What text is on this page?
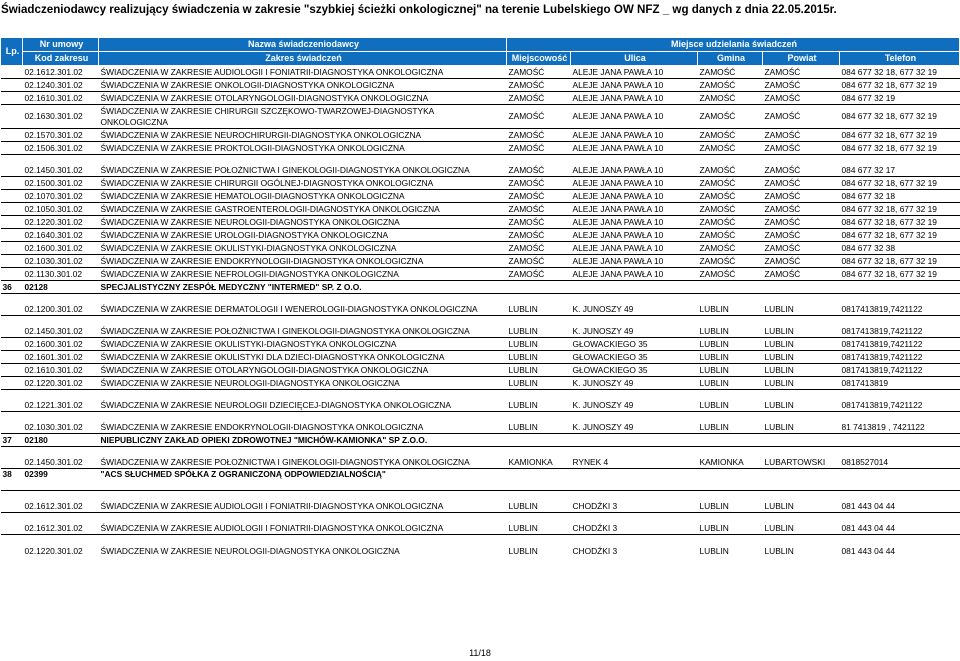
Świadczeniodawcy realizujący świadczenia w zakresie "szybkiej ścieżki onkologicznej" na terenie Lubelskiego OW NFZ _ wg danych z dnia 22.05.2015r.
Lp.	Nr umowy	Nazwa świadczeniodawcy	Miejsce udzielania świadczeń				
	Kod zakresu	Zakres świadczeń	Miejscowość	Ulica	Gmina	Powiat	Telefon
	02.1612.301.02	ŚWIADCZENIA W ZAKRESIE AUDIOLOGII I FONIATRII-DIAGNOSTYKA ONKOLOGICZNA	ZAMOŚĆ	ALEJE JANA PAWŁA 10	ZAMOŚĆ	ZAMOŚĆ	084 677 32 18, 677 32 19
	02.1240.301.02	ŚWIADCZENIA W ZAKRESIE ONKOLOGII-DIAGNOSTYKA ONKOLOGICZNA	ZAMOŚĆ	ALEJE JANA PAWŁA 10	ZAMOŚĆ	ZAMOŚĆ	084 677 32 18, 677 32 19
	02.1610.301.02	ŚWIADCZENIA W ZAKRESIE OTOLARYNGOLOGII-DIAGNOSTYKA ONKOLOGICZNA	ZAMOŚĆ	ALEJE JANA PAWŁA 10	ZAMOŚĆ	ZAMOŚĆ	084 677 32 19
	02.1630.301.02	ŚWIADCZENIA W ZAKRESIE CHIRURGII SZCZĘKOWO-TWARZOWEJ-DIAGNOSTYKA
ONKOLOGICZNA	ZAMOŚĆ	ALEJE JANA PAWŁA 10	ZAMOŚĆ	ZAMOŚĆ	084 677 32 18, 677 32 19
	02.1570.301.02	ŚWIADCZENIA W ZAKRESIE NEUROCHIRURGII-DIAGNOSTYKA ONKOLOGICZNA	ZAMOŚĆ	ALEJE JANA PAWŁA 10	ZAMOŚĆ	ZAMOŚĆ	084 677 32 18, 677 32 19
	02.1506.301.02	ŚWIADCZENIA W ZAKRESIE PROKTOLOGII-DIAGNOSTYKA ONKOLOGICZNA	ZAMOŚĆ	ALEJE JANA PAWŁA 10	ZAMOŚĆ	ZAMOŚĆ	084 677 32 18, 677 32 19
	02.1450.301.02	ŚWIADCZENIA W ZAKRESIE POŁOŻNICTWA I GINEKOLOGII-DIAGNOSTYKA ONKOLOGICZNA	ZAMOŚĆ	ALEJE JANA PAWŁA 10	ZAMOŚĆ	ZAMOŚĆ	084 677 32 17
	02.1500.301.02	ŚWIADCZENIA W ZAKRESIE CHIRURGII OGÓLNEJ-DIAGNOSTYKA ONKOLOGICZNA	ZAMOŚĆ	ALEJE JANA PAWŁA 10	ZAMOŚĆ	ZAMOŚĆ	084 677 32 18, 677 32 19
	02.1070.301.02	ŚWIADCZENIA W ZAKRESIE HEMATOLOGII-DIAGNOSTYKA ONKOLOGICZNA	ZAMOŚĆ	ALEJE JANA PAWŁA 10	ZAMOŚĆ	ZAMOŚĆ	084 677 32 18
	02.1050.301.02	ŚWIADCZENIA W ZAKRESIE GASTROENTEROLOGII-DIAGNOSTYKA ONKOLOGICZNA	ZAMOŚĆ	ALEJE JANA PAWŁA 10	ZAMOŚĆ	ZAMOŚĆ	084 677 32 18, 677 32 19
	02.1220.301.02	ŚWIADCZENIA W ZAKRESIE NEUROLOGII-DIAGNOSTYKA ONKOLOGICZNA	ZAMOŚĆ	ALEJE JANA PAWŁA 10	ZAMOŚĆ	ZAMOŚĆ	084 677 32 18, 677 32 19
	02.1640.301.02	ŚWIADCZENIA W ZAKRESIE UROLOGII-DIAGNOSTYKA ONKOLOGICZNA	ZAMOŚĆ	ALEJE JANA PAWŁA 10	ZAMOŚĆ	ZAMOŚĆ	084 677 32 18, 677 32 19
	02.1600.301.02	ŚWIADCZENIA W ZAKRESIE OKULISTYKI-DIAGNOSTYKA ONKOLOGICZNA	ZAMOŚĆ	ALEJE JANA PAWŁA 10	ZAMOŚĆ	ZAMOŚĆ	084 677 32 38
	02.1030.301.02	ŚWIADCZENIA W ZAKRESIE ENDOKRYNOLOGII-DIAGNOSTYKA ONKOLOGICZNA	ZAMOŚĆ	ALEJE JANA PAWŁA 10	ZAMOŚĆ	ZAMOŚĆ	084 677 32 18, 677 32 19
	02.1130.301.02	ŚWIADCZENIA W ZAKRESIE NEFROLOGII-DIAGNOSTYKA ONKOLOGICZNA	ZAMOŚĆ	ALEJE JANA PAWŁA 10	ZAMOŚĆ	ZAMOŚĆ	084 677 32 18, 677 32 19
36	02128	SPECJALISTYCZNY ZESPÓŁ MEDYCZNY "INTERMED" SP. Z O.O.					
	02.1200.301.02	ŚWIADCZENIA W ZAKRESIE DERMATOLOGII I WENEROLOGII-DIAGNOSTYKA ONKOLOGICZNA	LUBLIN	K. JUNOSZY 49	LUBLIN	LUBLIN	0817413819,7421122
	02.1450.301.02	ŚWIADCZENIA W ZAKRESIE POŁOŻNICTWA I GINEKOLOGII-DIAGNOSTYKA ONKOLOGICZNA	LUBLIN	K. JUNOSZY 49	LUBLIN	LUBLIN	0817413819,7421122
	02.1600.301.02	ŚWIADCZENIA W ZAKRESIE OKULISTYKI-DIAGNOSTYKA ONKOLOGICZNA	LUBLIN	GŁOWACKIEGO 35	LUBLIN	LUBLIN	0817413819,7421122
	02.1601.301.02	ŚWIADCZENIA W ZAKRESIE OKULISTYKI DLA DZIECI-DIAGNOSTYKA ONKOLOGICZNA	LUBLIN	GŁOWACKIEGO 35	LUBLIN	LUBLIN	0817413819,7421122
	02.1610.301.02	ŚWIADCZENIA W ZAKRESIE OTOLARYNGOLOGII-DIAGNOSTYKA ONKOLOGICZNA	LUBLIN	GŁOWACKIEGO 35	LUBLIN	LUBLIN	0817413819,7421122
	02.1220.301.02	ŚWIADCZENIA W ZAKRESIE NEUROLOGII-DIAGNOSTYKA ONKOLOGICZNA	LUBLIN	K. JUNOSZY 49	LUBLIN	LUBLIN	0817413819
	02.1221.301.02	ŚWIADCZENIA W ZAKRESIE NEUROLOGII DZIECIĘCEJ-DIAGNOSTYKA ONKOLOGICZNA	LUBLIN	K. JUNOSZY 49	LUBLIN	LUBLIN	0817413819,7421122
	02.1030.301.02	ŚWIADCZENIA W ZAKRESIE ENDOKRYNOLOGII-DIAGNOSTYKA ONKOLOGICZNA	LUBLIN	K. JUNOSZY 49	LUBLIN	LUBLIN	81 7413819 , 7421122
37	02180	NIEPUBLICZNY ZAKŁAD OPIEKI ZDROWOTNEJ "MICHÓW-KAMIONKA" SP Z.O.O.					
	02.1450.301.02	ŚWIADCZENIA W ZAKRESIE POŁOŻNICTWA I GINEKOLOGII-DIAGNOSTYKA ONKOLOGICZNA	KAMIONKA	RYNEK 4	KAMIONKA	LUBARTOWSKI	0818527014
38	02399	"ACS SŁUCHMED SPÓŁKA Z OGRANICZONĄ ODPOWIEDZIALNOŚCIĄ"					
	02.1612.301.02	ŚWIADCZENIA W ZAKRESIE AUDIOLOGII I FONIATRII-DIAGNOSTYKA ONKOLOGICZNA	LUBLIN	CHODŹKI 3	LUBLIN	LUBLIN	081 443 04 44
	02.1612.301.02	ŚWIADCZENIA W ZAKRESIE AUDIOLOGII I FONIATRII-DIAGNOSTYKA ONKOLOGICZNA	LUBLIN	CHODŹKI 3	LUBLIN	LUBLIN	081 443 04 44
	02.1220.301.02	ŚWIADCZENIA W ZAKRESIE NEUROLOGII-DIAGNOSTYKA ONKOLOGICZNA	LUBLIN	CHODŹKI 3	LUBLIN	LUBLIN	081 443 04 44
11/18
